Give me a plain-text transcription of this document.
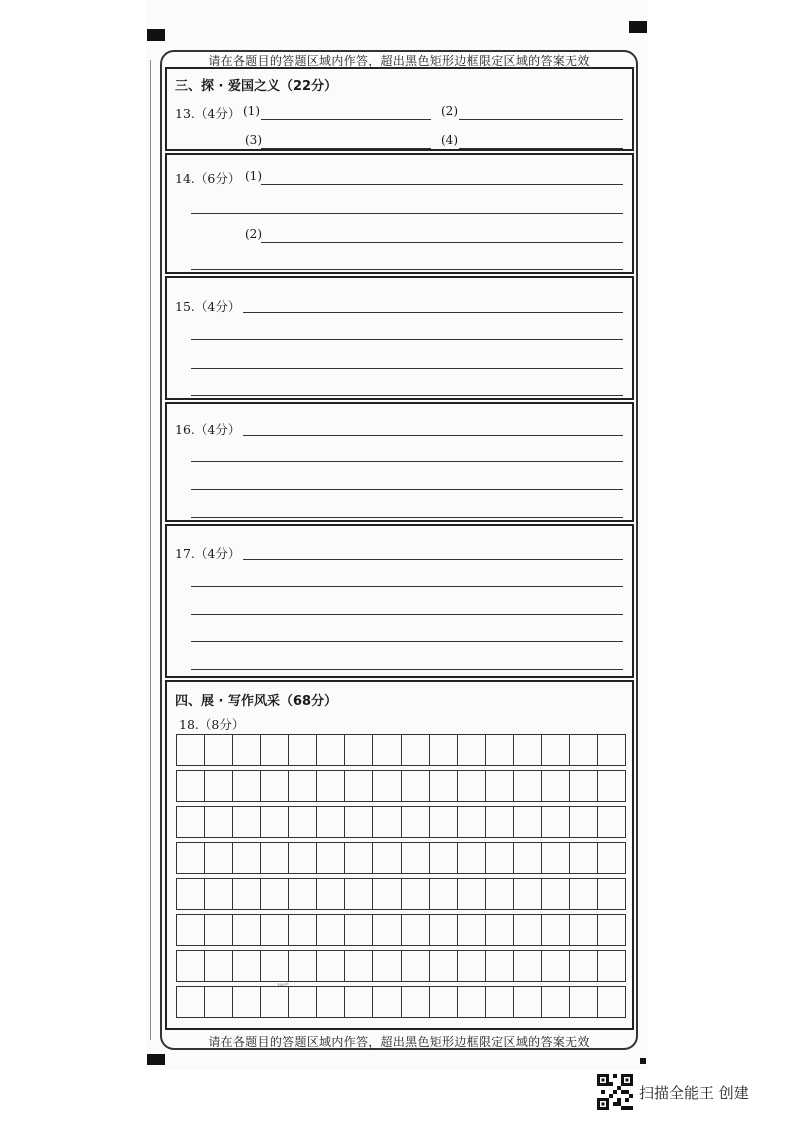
请在各题目的答题区域内作答，超出黑色矩形边框限定区域的答案无效
三、探 · 爱国之义（22分）
13.（4分） (1)	(2)
(3)	(4)
14.（6分） (1)
(2)
15.（4分）
16.（4分）
17.（4分）
四、展 · 写作风采（68分）
18.（8分）
100字
请在各题目的答题区域内作答，超出黑色矩形边框限定区域的答案无效
扫描全能王 创建
